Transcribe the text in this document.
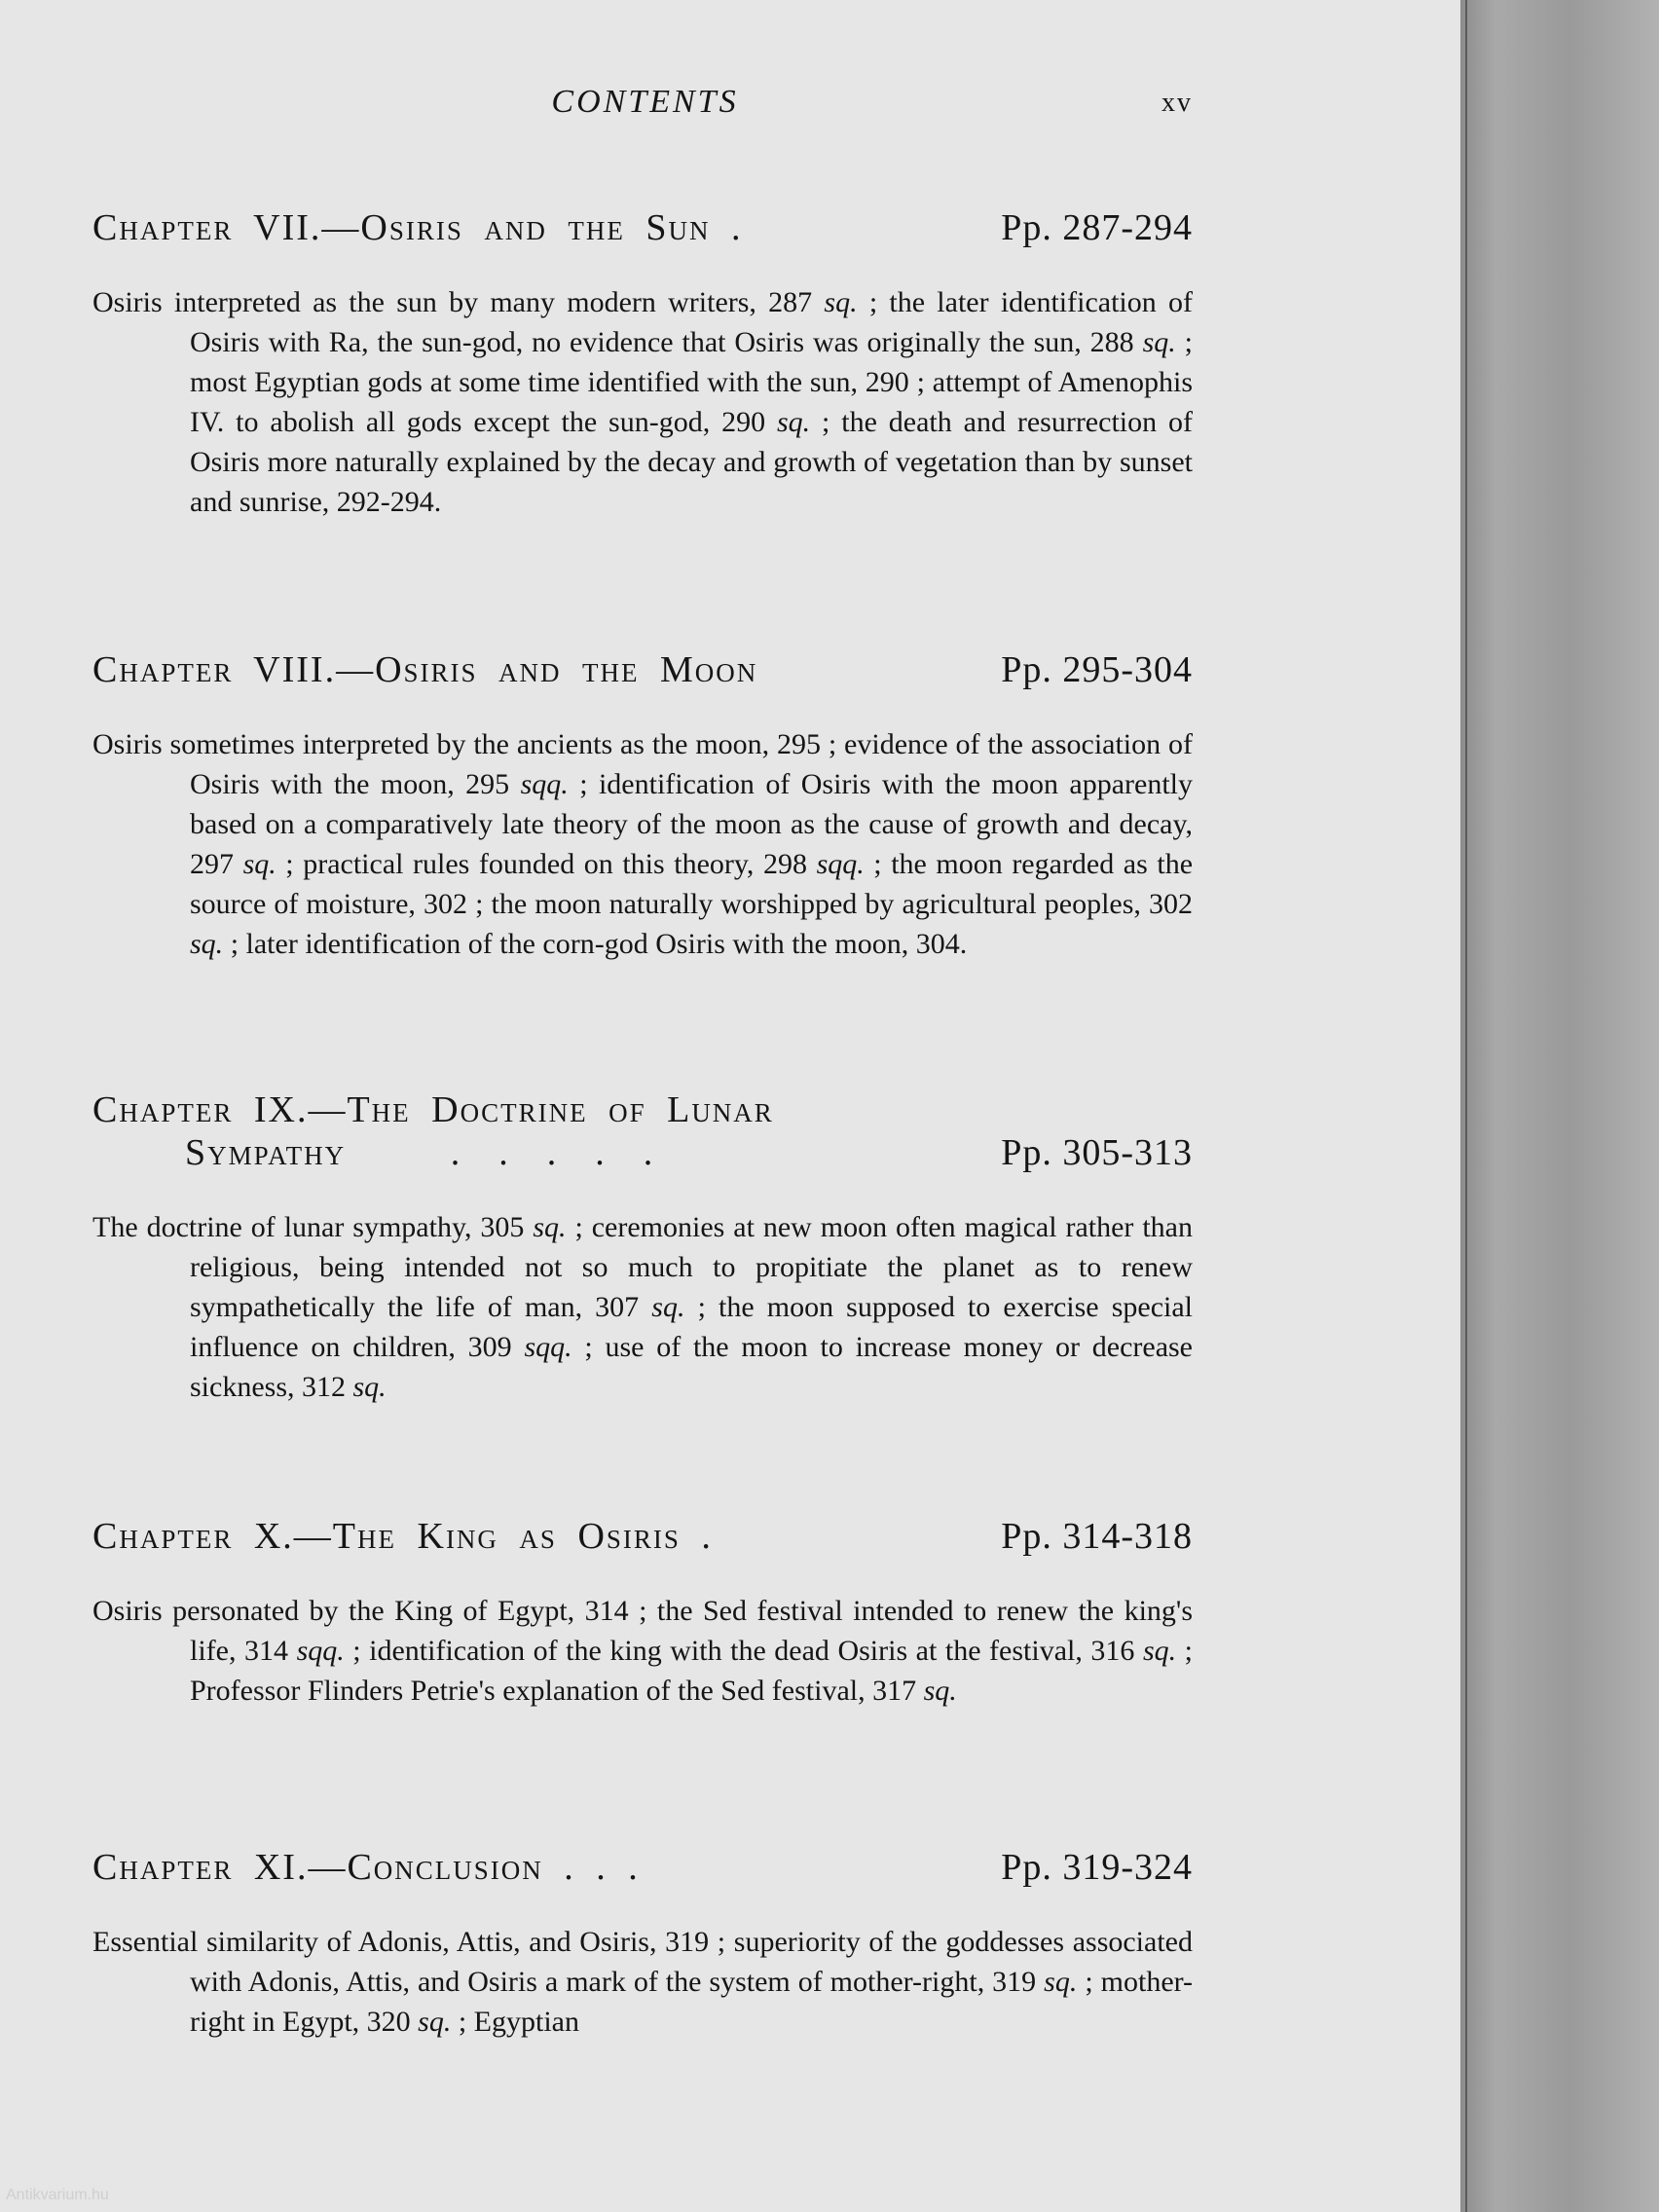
CONTENTS	xv
Chapter VII.—Osiris and the Sun .	Pp. 287-294

Osiris interpreted as the sun by many modern writers, 287 sq. ; the later identification of Osiris with Ra, the sun-god, no evidence that Osiris was originally the sun, 288 sq. ; most Egyptian gods at some time identified with the sun, 290 ; attempt of Amenophis IV. to abolish all gods except the sun-god, 290 sq. ; the death and resurrection of Osiris more naturally explained by the decay and growth of vegetation than by sunset and sunrise, 292-294.

Chapter VIII.—Osiris and the Moon	Pp. 295-304

Osiris sometimes interpreted by the ancients as the moon, 295 ; evidence of the association of Osiris with the moon, 295 sqq. ; identification of Osiris with the moon apparently based on a comparatively late theory of the moon as the cause of growth and decay, 297 sq. ; practical rules founded on this theory, 298 sqq. ; the moon regarded as the source of moisture, 302 ; the moon naturally worshipped by agricultural peoples, 302 sq. ; later identification of the corn-god Osiris with the moon, 304.

Chapter IX.—The Doctrine of Lunar
Sympathy	.....	Pp. 305-313

The doctrine of lunar sympathy, 305 sq. ; ceremonies at new moon often magical rather than religious, being intended not so much to propitiate the planet as to renew sympathetically the life of man, 307 sq. ; the moon supposed to exercise special influence on children, 309 sqq. ; use of the moon to increase money or decrease sickness, 312 sq.

Chapter X.—The King as Osiris .	Pp. 314-318

Osiris personated by the King of Egypt, 314 ; the Sed festival intended to renew the king's life, 314 sqq. ; identification of the king with the dead Osiris at the festival, 316 sq. ; Professor Flinders Petrie's explanation of the Sed festival, 317 sq.

Chapter XI.—Conclusion . . .	Pp. 319-324

Essential similarity of Adonis, Attis, and Osiris, 319 ; superiority of the goddesses associated with Adonis, Attis, and Osiris a mark of the system of mother-right, 319 sq. ; mother-right in Egypt, 320 sq. ; Egyptian

Antikvarium.hu
